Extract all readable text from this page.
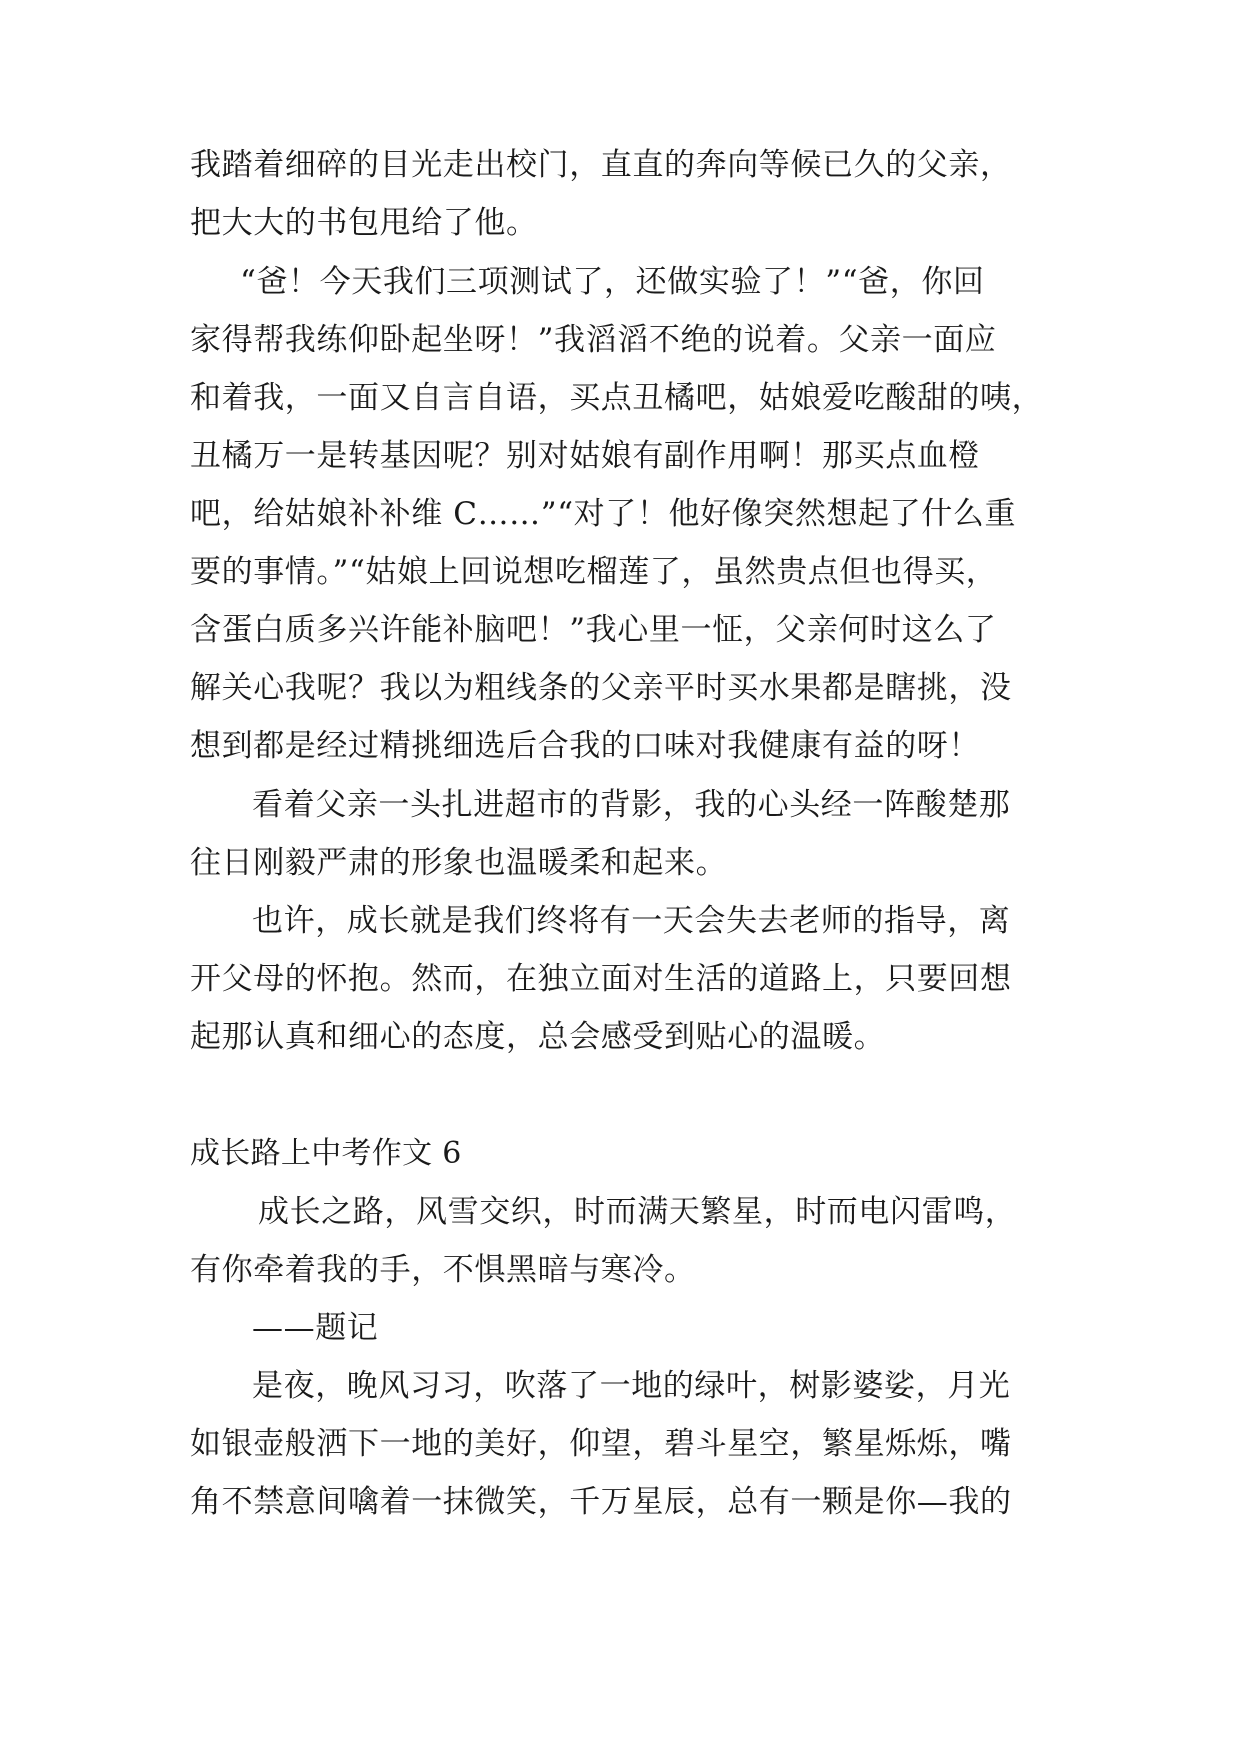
我踏着细碎的目光走出校门，直直的奔向等候已久的父亲，
把大大的书包甩给了他。
“爸！今天我们三项测试了，还做实验了！”“爸，你回
家得帮我练仰卧起坐呀！”我滔滔不绝的说着。父亲一面应
和着我，一面又自言自语，买点丑橘吧，姑娘爱吃酸甜的咦，
丑橘万一是转基因呢？别对姑娘有副作用啊！那买点血橙
吧，给姑娘补补维 C……”“对了！他好像突然想起了什么重
要的事情。”“姑娘上回说想吃榴莲了，虽然贵点但也得买，
含蛋白质多兴许能补脑吧！”我心里一怔，父亲何时这么了
解关心我呢？我以为粗线条的父亲平时买水果都是瞎挑，没
想到都是经过精挑细选后合我的口味对我健康有益的呀！
看着父亲一头扎进超市的背影，我的心头经一阵酸楚那
往日刚毅严肃的形象也温暖柔和起来。
也许，成长就是我们终将有一天会失去老师的指导，离
开父母的怀抱。然而，在独立面对生活的道路上，只要回想
起那认真和细心的态度，总会感受到贴心的温暖。
成长路上中考作文 6
成长之路，风雪交织，时而满天繁星，时而电闪雷鸣，
有你牵着我的手，不惧黑暗与寒冷。
——题记
是夜，晚风习习，吹落了一地的绿叶，树影婆娑，月光
如银壶般洒下一地的美好，仰望，碧斗星空，繁星烁烁，嘴
角不禁意间噙着一抹微笑，千万星辰，总有一颗是你—我的
